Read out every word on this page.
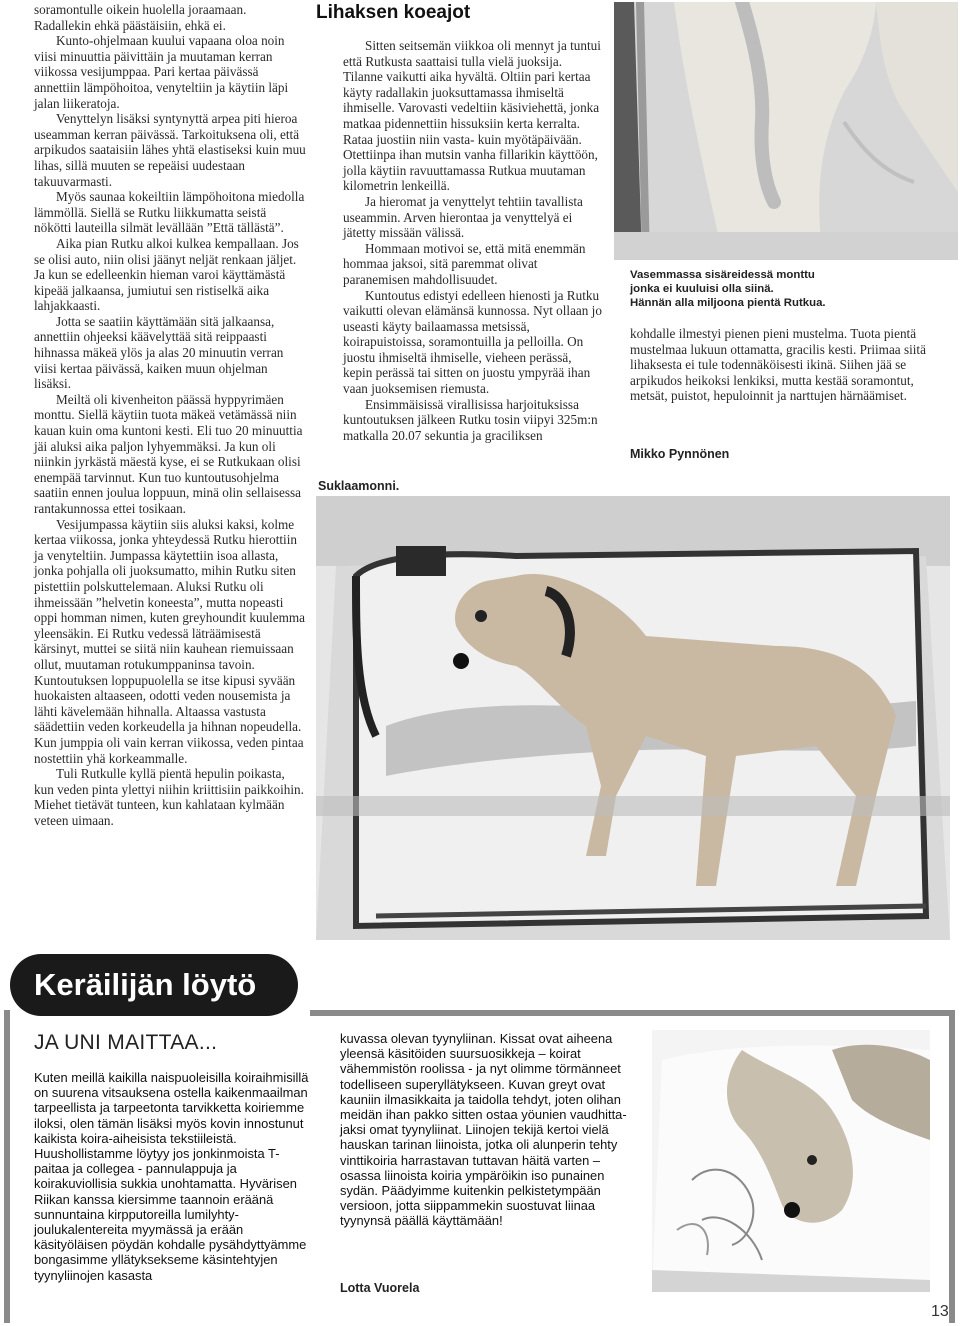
soramontulle oikein huolella joraamaan. Radallekin ehkä päästäisiin, ehkä ei.

Kunto-ohjelmaan kuului vapaana oloa noin viisi minuuttia päivittäin ja muutaman kerran viikossa vesijumppaa. Pari kertaa päivässä annettiin lämpöhoitoa, venyteltiin ja käytiin läpi jalan liikeratoja.

Venyttelyn lisäksi syntynyttä arpea piti hieroa useamman kerran päivässä. Tarkoituksena oli, että arpikudos saataisiin lähes yhtä elastiseksi kuin muu lihas, sillä muuten se repeäisi uudestaan takuuvarmasti.

Myös saunaa kokeiltiin lämpöhoitona miedolla lämmöllä. Siellä se Rutku liikkumatta seistä nökötti lauteilla silmät levällään ”Että tällästä”.

Aika pian Rutku alkoi kulkea kempallaan. Jos se olisi auto, niin olisi jäänyt neljät renkaan jäljet. Ja kun se edelleenkin hieman varoi käyttämästä kipeää jalkaansa, jumiutui sen ristiselkä aika lahjakkaasti.

Jotta se saatiin käyttämään sitä jalkaansa, annettiin ohjeeksi käävelyttää sitä reippaasti hihnassa mäkeä ylös ja alas 20 minuutin verran viisi kertaa päivässä, kaiken muun ohjelman lisäksi.

Meiltä oli kivenheiton päässä hyppyrimäen monttu. Siellä käytiin tuota mäkeä vetämässä niin kauan kuin oma kuntoni kesti. Eli tuo 20 minuuttia jäi aluksi aika paljon lyhyemmäksi. Ja kun oli niinkin jyrkästä mäestä kyse, ei se Rutkukaan olisi enempää tarvinnut. Kun tuo kuntoutusohjelma saatiin ennen joulua loppuun, minä olin sellaisessa rantakunnossa ettei tosikaan.

Vesijumpassa käytiin siis aluksi kaksi, kolme kertaa viikossa, jonka yhteydessä Rutku hierottiin ja venyteltiin. Jumpassa käytettiin isoa allasta, jonka pohjalla oli juoksumatto, mihin Rutku siten pistettiin polskuttelemaan. Aluksi Rutku oli ihmeissään ”helvetin koneesta”, mutta nopeasti oppi homman nimen, kuten greyhoundit kuulemma yleensäkin. Ei Rutku vedessä läträämisestä kärsinyt, muttei se siitä niin kauhean riemuissaan ollut, muutaman rotukumppaninsa tavoin. Kuntoutuksen loppupuolella se itse kipusi syvään huokaisten altaaseen, odotti veden nousemista ja lähti kävelemään hihnalla. Altaassa vastusta säädettiin veden korkeudella ja hihnan nopeudella. Kun jumppia oli vain kerran viikossa, veden pintaa nostettiin yhä korkeammalle.

Tuli Rutkulle kyllä pientä hepulin poikasta, kun veden pinta ylettyi niihin kriittisiin paikkoihin. Miehet tietävät tunteen, kun kahlataan kylmään veteen uimaan.

Lihaksen koeajot

Sitten seitsemän viikkoa oli mennyt ja tuntui että Rutkusta saattaisi tulla vielä juoksija. Tilanne vaikutti aika hyvältä. Oltiin pari kertaa käyty radallakin juoksuttamassa ihmiseltä ihmiselle. Varovasti vedeltiin käsiviehettä, jonka matkaa pidennettiin hissuksiin kerta kerralta. Rataa juostiin niin vasta- kuin myötäpäivään. Otettiinpa ihan mutsin vanha fillarikin käyttöön, jolla käytiin ravuuttamassa Rutkua muutaman kilometrin lenkeillä.

Ja hieromat ja venyttelyt tehtiin tavallista useammin. Arven hierontaa ja venyttelyä ei jätetty missään välissä.

Hommaan motivoi se, että mitä enemmän hommaa jaksoi, sitä paremmat olivat paranemisen mahdollisuudet.

Kuntoutus edistyi edelleen hienosti ja Rutku vaikutti olevan elämänsä kunnossa. Nyt ollaan jo useasti käyty bailaamassa metsissä, koirapuistoissa, soramontuilla ja pelloilla. On juostu ihmiseltä ihmiselle, vieheen perässä, kepin perässä tai sitten on juostu ympyrää ihan vaan juoksemisen riemusta.

Ensimmäisissä virallisissa harjoituksissa kuntoutuksen jälkeen Rutku tosin viipyi 325m:n matkalla 20.07 sekuntia ja graciliksen

Suklaamonni.
Vasemmassa sisäreidessä monttu
jonka ei kuuluisi olla siinä.
Hännän alla miljoona pientä Rutkua.

kohdalle ilmestyi pienen pieni mustelma. Tuota pientä mustelmaa lukuun ottamatta, gracilis kesti. Priimaa siitä lihaksesta ei tule todennäköisesti ikinä. Siihen jää se arpikudos heikoksi lenkiksi, mutta kestää soramontut, metsät, puistot, hepuloinnit ja narttujen härnäämiset.

Mikko Pynnönen
Keräilijän löytö
JA UNI MAITTAA...

Kuten meillä kaikilla naispuoleisilla koiraihmisillä on suurena vitsauksena ostella kaikenmaailman tarpeellista ja tarpeetonta tarvikketta koiriemme iloksi, olen tämän lisäksi myös kovin innostunut kaikista koira-aiheisista tekstiileistä. Huushollistamme löytyy jos jonkinmoista T-paitaa ja collegea - pannulappuja ja koirakuviollisia sukkia unohtamatta. Hyvärisen Riikan kanssa kiersimme taannoin eräänä sunnuntaina kirpputoreilla lumilyhty- joulukalentereita myymässä ja erään käsityöläisen pöydän kohdalle pysähdyttyämme bongasimme yllätyksekseme käsintehtyjen tyynyliinojen kasasta

kuvassa olevan tyynyliinan. Kissat ovat aiheena yleensä käsitöiden suursuosikkeja – koirat vähemmistön roolissa - ja nyt olimme törmänneet todelliseen superyllätykseen. Kuvan greyt ovat kauniin ilmasikkaita ja taidolla tehdyt, joten olihan meidän ihan pakko sitten ostaa yöunien vaudhittajaksi omat tyynyliinat. Liinojen tekijä kertoi vielä hauskan tarinan liinoista, jotka oli alunperin tehty vinttikoiria harrastavan tuttavan häitä varten – osassa liinoista koiria ympäröikin iso punainen sydän. Päädyimme kuitenkin pelkistetympään versioon, jotta siippammekin suostuvat liinaa tyynynsä päällä käyttämään!

Lotta Vuorela
13
